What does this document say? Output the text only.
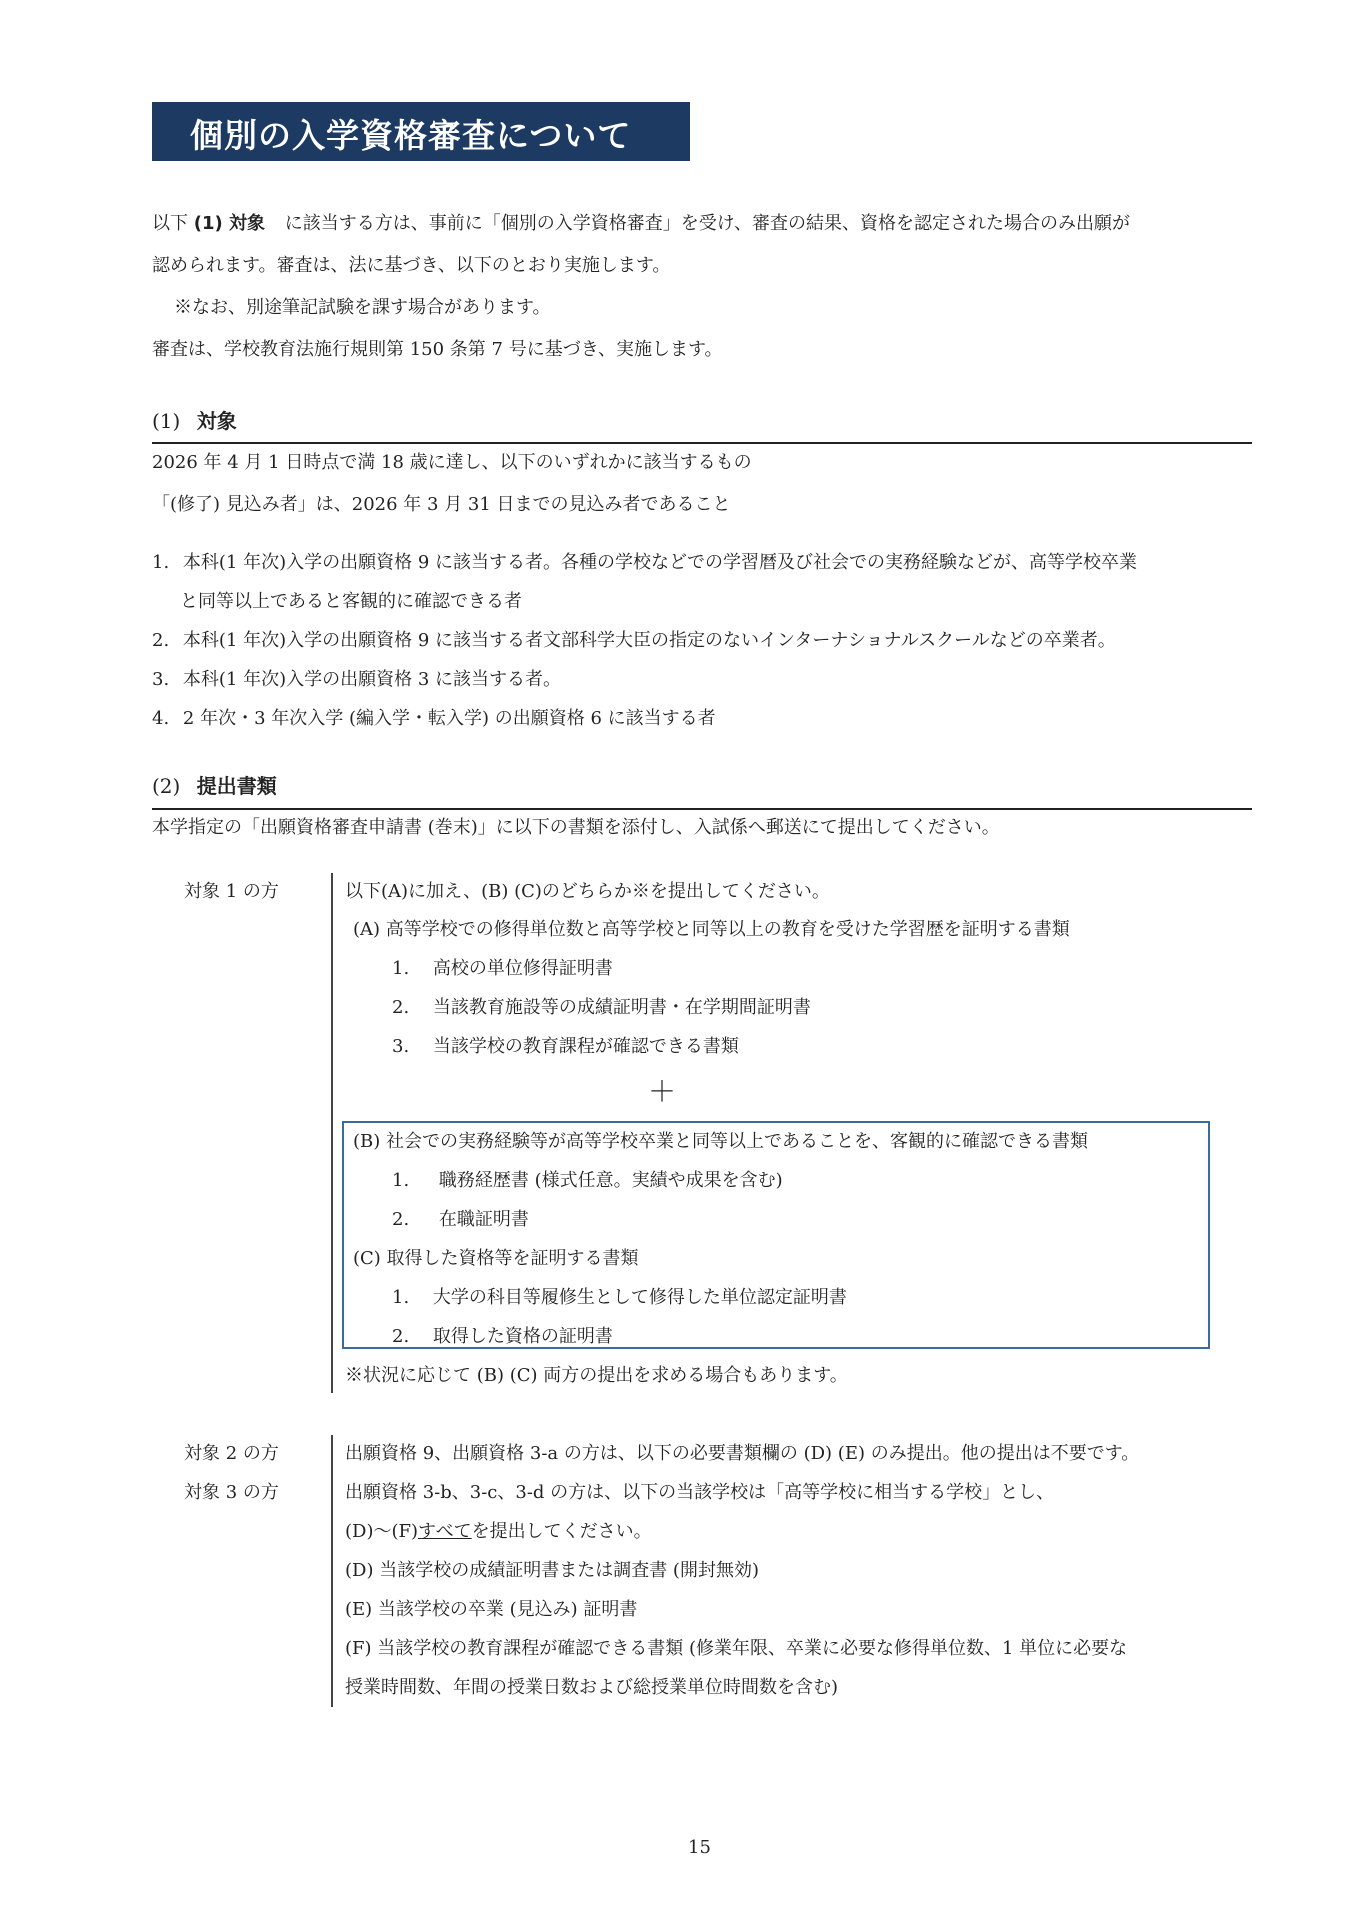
個別の入学資格審査について
以下 (1) 対象 に該当する方は、事前に「個別の入学資格審査」を受け、審査の結果、資格を認定された場合のみ出願が
認められます。審査は、法に基づき、以下のとおり実施します。
※なお、別途筆記試験を課す場合があります。
審査は、学校教育法施行規則第 150 条第 7 号に基づき、実施します。
(1) 対象
2026 年 4 月 1 日時点で満 18 歳に達し、以下のいずれかに該当するもの
「(修了) 見込み者」は、2026 年 3 月 31 日までの見込み者であること
1. 本科(1 年次)入学の出願資格 9 に該当する者。各種の学校などでの学習暦及び社会での実務経験などが、高等学校卒業
と同等以上であると客観的に確認できる者
2. 本科(1 年次)入学の出願資格 9 に該当する者文部科学大臣の指定のないインターナショナルスクールなどの卒業者。
3. 本科(1 年次)入学の出願資格 3 に該当する者。
4. 2 年次・3 年次入学 (編入学・転入学) の出願資格 6 に該当する者
(2) 提出書類
本学指定の「出願資格審査申請書 (巻末)」に以下の書類を添付し、入試係へ郵送にて提出してください。
対象 1 の方	以下(A)に加え、(B) (C)のどちらか※を提出してください。
(A) 高等学校での修得単位数と高等学校と同等以上の教育を受けた学習歴を証明する書類
1. 高校の単位修得証明書
2. 当該教育施設等の成績証明書・在学期間証明書
3. 当該学校の教育課程が確認できる書類
＋
(B) 社会での実務経験等が高等学校卒業と同等以上であることを、客観的に確認できる書類
1. 職務経歴書 (様式任意。実績や成果を含む)
2. 在職証明書
(C) 取得した資格等を証明する書類
1. 大学の科目等履修生として修得した単位認定証明書
2. 取得した資格の証明書
※状況に応じて (B) (C) 両方の提出を求める場合もあります。
対象 2 の方
対象 3 の方
出願資格 9、出願資格 3-a の方は、以下の必要書類欄の (D) (E) のみ提出。他の提出は不要です。
出願資格 3-b、3-c、3-d の方は、以下の当該学校は「高等学校に相当する学校」とし、
(D)～(F)すべてを提出してください。
(D) 当該学校の成績証明書または調査書 (開封無効)
(E) 当該学校の卒業 (見込み) 証明書
(F) 当該学校の教育課程が確認できる書類 (修業年限、卒業に必要な修得単位数、1 単位に必要な
授業時間数、年間の授業日数および総授業単位時間数を含む)
15
